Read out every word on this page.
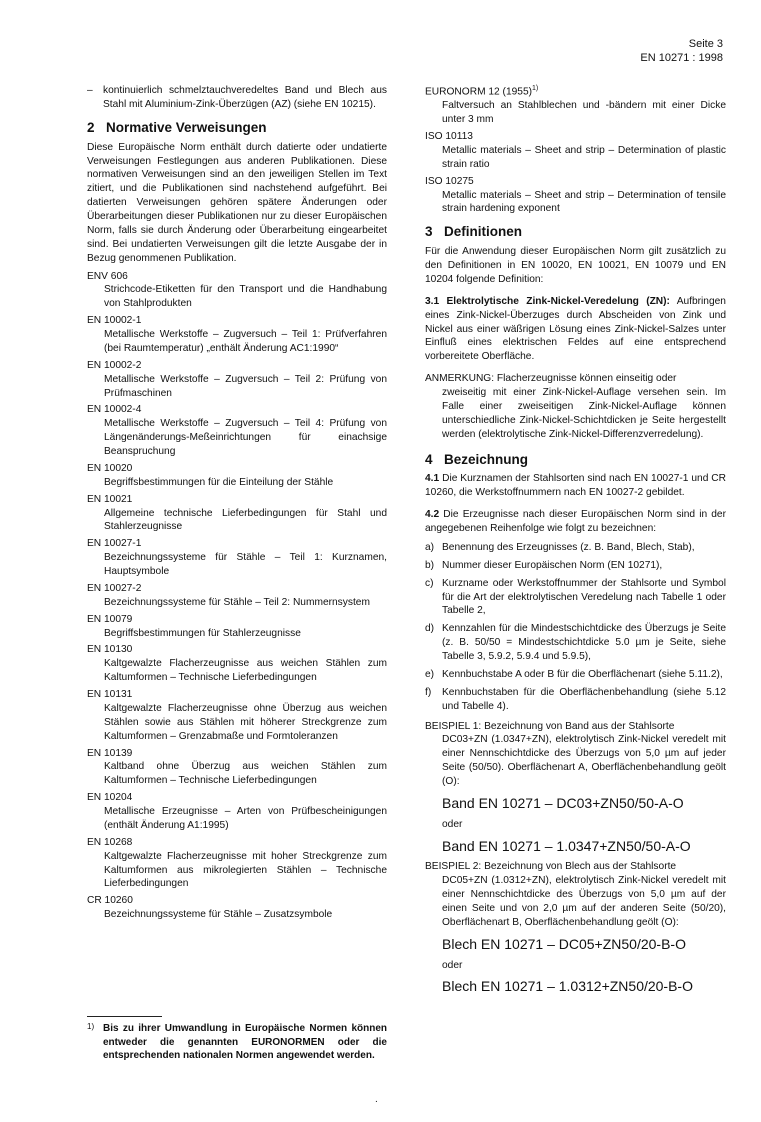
Seite 3
EN 10271 : 1998
–	kontinuierlich schmelztauchveredeltes Band und Blech aus Stahl mit Aluminium-Zink-Überzügen (AZ) (siehe EN 10215).
2 Normative Verweisungen

Diese Europäische Norm enthält durch datierte oder undatierte Verweisungen Festlegungen aus anderen Publikationen. Diese normativen Verweisungen sind an den jeweiligen Stellen im Text zitiert, und die Publikationen sind nachstehend aufgeführt. Bei datierten Verweisungen gehören spätere Änderungen oder Überarbeitungen dieser Publikationen nur zu dieser Europäischen Norm, falls sie durch Änderung oder Überarbeitung eingearbeitet sind. Bei undatierten Verweisungen gilt die letzte Ausgabe der in Bezug genommenen Publikation.

ENV 606
Strichcode-Etiketten für den Transport und die Handhabung von Stahlprodukten
EN 10002-1
Metallische Werkstoffe – Zugversuch – Teil 1: Prüfverfahren (bei Raumtemperatur) „enthält Änderung AC1:1990“
EN 10002-2
Metallische Werkstoffe – Zugversuch – Teil 2: Prüfung von Prüfmaschinen
EN 10002-4
Metallische Werkstoffe – Zugversuch – Teil 4: Prüfung von Längenänderungs-Meßeinrichtungen für einachsige Beanspruchung
EN 10020
Begriffsbestimmungen für die Einteilung der Stähle
EN 10021
Allgemeine technische Lieferbedingungen für Stahl und Stahlerzeugnisse
EN 10027-1
Bezeichnungssysteme für Stähle – Teil 1: Kurznamen, Hauptsymbole
EN 10027-2
Bezeichnungssysteme für Stähle – Teil 2: Nummernsystem
EN 10079
Begriffsbestimmungen für Stahlerzeugnisse
EN 10130
Kaltgewalzte Flacherzeugnisse aus weichen Stählen zum Kaltumformen – Technische Lieferbedingungen
EN 10131
Kaltgewalzte Flacherzeugnisse ohne Überzug aus weichen Stählen sowie aus Stählen mit höherer Streckgrenze zum Kaltumformen – Grenzabmaße und Formtoleranzen
EN 10139
Kaltband ohne Überzug aus weichen Stählen zum Kaltumformen – Technische Lieferbedingungen
EN 10204
Metallische Erzeugnisse – Arten von Prüfbescheinigungen (enthält Änderung A1:1995)
EN 10268
Kaltgewalzte Flacherzeugnisse mit hoher Streckgrenze zum Kaltumformen aus mikrolegierten Stählen – Technische Lieferbedingungen
CR 10260
Bezeichnungssysteme für Stähle – Zusatzsymbole
EURONORM 12 $(1955)^{1)}$
Faltversuch an Stahlblechen und -bändern mit einer Dicke unter 3 mm
ISO 10113
Metallic materials – Sheet and strip – Determination of plastic strain ratio
ISO 10275
Metallic materials – Sheet and strip – Determination of tensile strain hardening exponent
3 Definitionen

Für die Anwendung dieser Europäischen Norm gilt zusätzlich zu den Definitionen in EN 10020, EN 10021, EN 10079 und EN 10204 folgende Definition:

3.1 Elektrolytische Zink-Nickel-Veredelung (ZN): Aufbringen eines Zink-Nickel-Überzuges durch Abscheiden von Zink und Nickel aus einer wäßrigen Lösung eines Zink-Nickel-Salzes unter Einfluß eines elektrischen Feldes auf eine entsprechend vorbereitete Oberfläche.

ANMERKUNG: Flacherzeugnisse können einseitig oder
zweiseitig mit einer Zink-Nickel-Auflage versehen sein. Im Falle einer zweiseitigen Zink-Nickel-Auflage können unterschiedliche Zink-Nickel-Schichtdicken je Seite hergestellt werden (elektrolytische Zink-Nickel-Differenzverredelung).
4 Bezeichnung

4.1 Die Kurznamen der Stahlsorten sind nach EN 10027-1 und CR 10260, die Werkstoffnummern nach EN 10027-2 gebildet.

4.2 Die Erzeugnisse nach dieser Europäischen Norm sind in der angegebenen Reihenfolge wie folgt zu bezeichnen:

a) Benennung des Erzeugnisses (z. B. Band, Blech, Stab),
b) Nummer dieser Europäischen Norm (EN 10271),
c) Kurzname oder Werkstoffnummer der Stahlsorte und Symbol für die Art der elektrolytischen Veredelung nach Tabelle 1 oder Tabelle 2,
d) Kennzahlen für die Mindestschichtdicke des Überzugs je Seite (z. B. 50/50 = Mindestschichtdicke 5.0 µm je Seite, siehe Tabelle 3, 5.9.2, 5.9.4 und 5.9.5),
e) Kennbuchstabe A oder B für die Oberflächenart (siehe 5.11.2),
f)	Kennbuchstaben für die Oberflächenbehandlung (siehe 5.12 und Tabelle 4).
BEISPIEL 1: Bezeichnung von Band aus der Stahlsorte
DC03+ZN (1.0347+ZN), elektrolytisch Zink-Nickel veredelt mit einer Nennschichtdicke des Überzugs von 5,0 µm auf jeder Seite (50/50). Oberflächenart A, Oberflächenbehandlung geölt (O):
Band EN 10271 – DC03+ZN50/50-A-O
oder
Band EN 10271 – 1.0347+ZN50/50-A-O
BEISPIEL 2: Bezeichnung von Blech aus der Stahlsorte
DC05+ZN (1.0312+ZN), elektrolytisch Zink-Nickel veredelt mit einer Nennschichtdicke des Überzugs von 5,0 µm auf der einen Seite und von 2,0 µm auf der anderen Seite (50/20), Oberflächenart B, Oberflächenbehandlung geölt (O):
Blech EN 10271 – DC05+ZN50/20-B-O
oder
Blech EN 10271 – 1.0312+ZN50/20-B-O
1) Bis zu ihrer Umwandlung in Europäische Normen können entweder die genannten EURONORMEN oder die entsprechenden nationalen Normen angewendet werden.
.
